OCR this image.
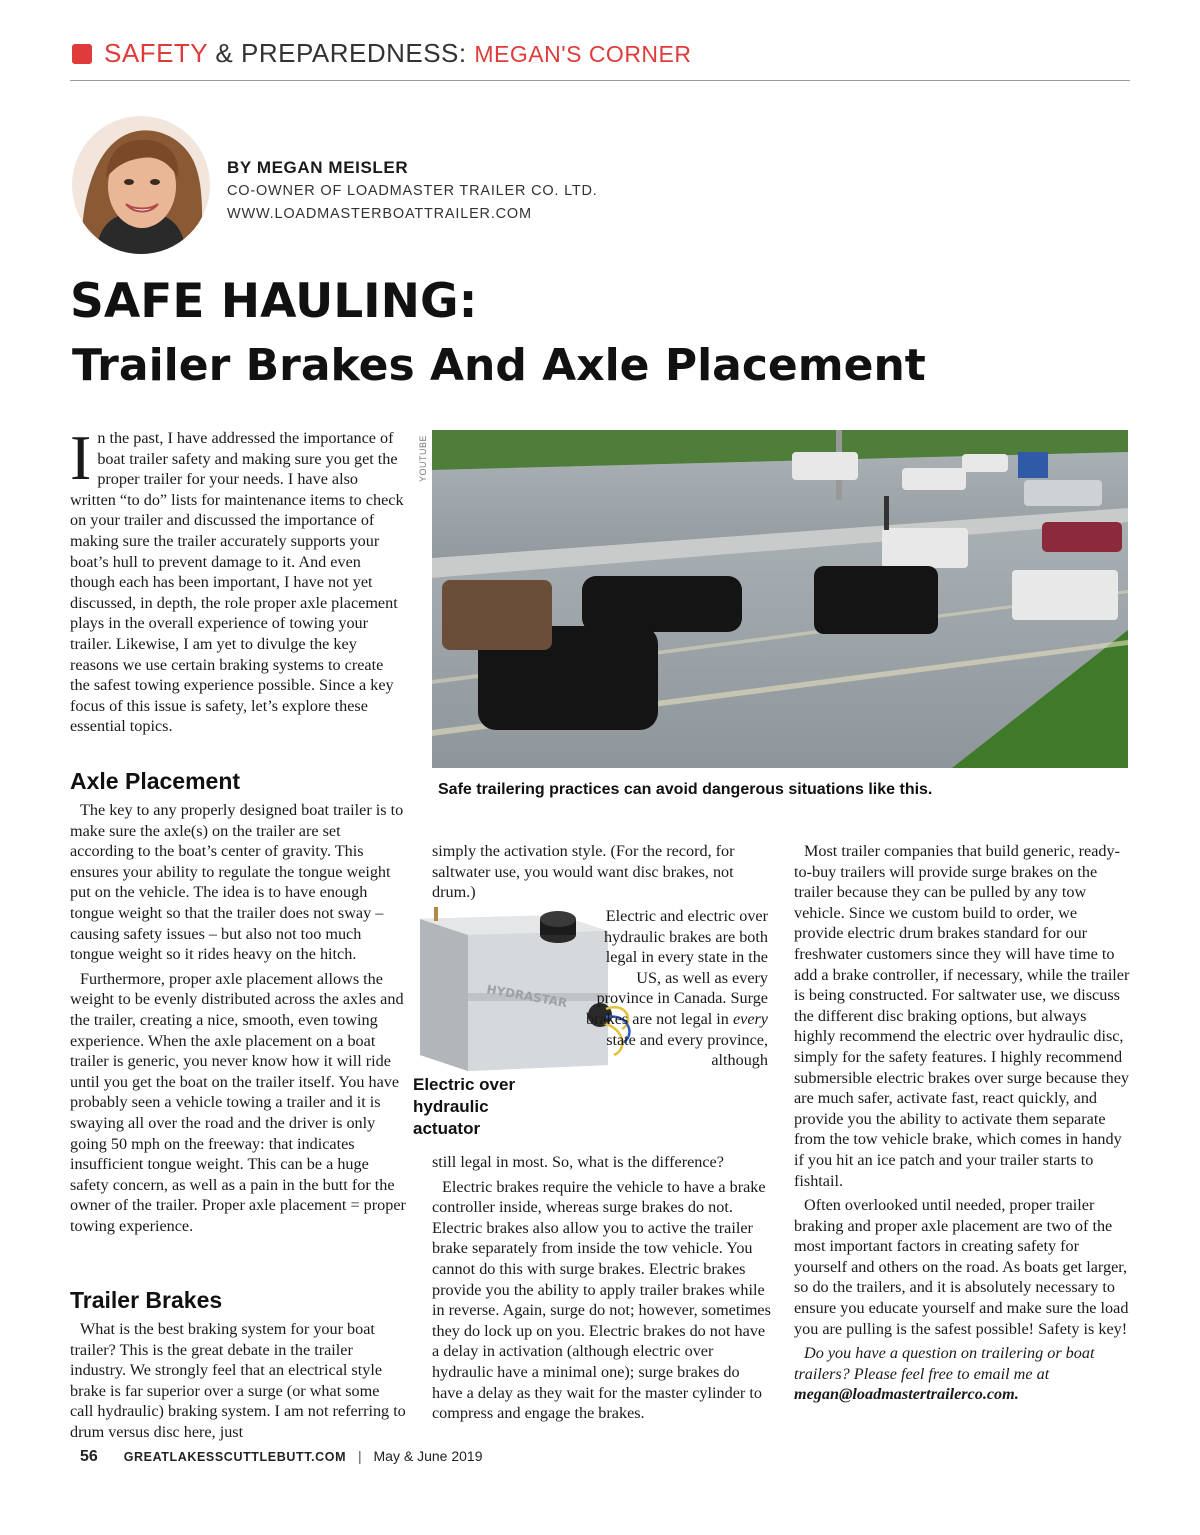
SAFETY & PREPAREDNESS: MEGAN'S CORNER
BY MEGAN MEISLER
CO-OWNER OF LOADMASTER TRAILER CO. LTD.
WWW.LOADMASTERBOATTRAILER.COM
SAFE HAULING:
Trailer Brakes And Axle Placement
I n the past, I have addressed the importance of boat trailer safety and making sure you get the proper trailer for your needs. I have also written “to do” lists for maintenance items to check on your trailer and discussed the importance of making sure the trailer accurately supports your boat’s hull to prevent damage to it. And even though each has been important, I have not yet discussed, in depth, the role proper axle placement plays in the overall experience of towing your trailer. Likewise, I am yet to divulge the key reasons we use certain braking systems to create the safest towing experience possible. Since a key focus of this issue is safety, let’s explore these essential topics.
Axle Placement

The key to any properly designed boat trailer is to make sure the axle(s) on the trailer are set according to the boat’s center of gravity. This ensures your ability to regulate the tongue weight put on the vehicle. The idea is to have enough tongue weight so that the trailer does not sway – causing safety issues – but also not too much tongue weight so it rides heavy on the hitch.

Furthermore, proper axle placement allows the weight to be evenly distributed across the axles and the trailer, creating a nice, smooth, even towing experience. When the axle placement on a boat trailer is generic, you never know how it will ride until you get the boat on the trailer itself. You have probably seen a vehicle towing a trailer and it is swaying all over the road and the driver is only going 50 mph on the freeway: that indicates insufficient tongue weight. This can be a huge safety concern, as well as a pain in the butt for the owner of the trailer. Proper axle placement = proper towing experience.

Trailer Brakes

What is the best braking system for your boat trailer? This is the great debate in the trailer industry. We strongly feel that an electrical style brake is far superior over a surge (or what some call hydraulic) braking system. I am not referring to drum versus disc here, just

YOUTUBE
Safe trailering practices can avoid dangerous situations like this.

simply the activation style. (For the record, for saltwater use, you would want disc brakes, not drum.)

HYDRASTAR
Electric over hydraulic actuator
Electric and electric over hydraulic brakes are both legal in every state in the US, as well as every province in Canada. Surge brakes are not legal in every state and every province, although

still legal in most. So, what is the difference?

Electric brakes require the vehicle to have a brake controller inside, whereas surge brakes do not. Electric brakes also allow you to active the trailer brake separately from inside the tow vehicle. You cannot do this with surge brakes. Electric brakes provide you the ability to apply trailer brakes while in reverse. Again, surge do not; however, sometimes they do lock up on you. Electric brakes do not have a delay in activation (although electric over hydraulic have a minimal one); surge brakes do have a delay as they wait for the master cylinder to compress and engage the brakes.

Most trailer companies that build generic, ready-to-buy trailers will provide surge brakes on the trailer because they can be pulled by any tow vehicle. Since we custom build to order, we provide electric drum brakes standard for our freshwater customers since they will have time to add a brake controller, if necessary, while the trailer is being constructed. For saltwater use, we discuss the different disc braking options, but always highly recommend the electric over hydraulic disc, simply for the safety features. I highly recommend submersible electric brakes over surge because they are much safer, activate fast, react quickly, and provide you the ability to activate them separate from the tow vehicle brake, which comes in handy if you hit an ice patch and your trailer starts to fishtail.

Often overlooked until needed, proper trailer braking and proper axle placement are two of the most important factors in creating safety for yourself and others on the road. As boats get larger, so do the trailers, and it is absolutely necessary to ensure you educate yourself and make sure the load you are pulling is the safest possible! Safety is key!

Do you have a question on trailering or boat trailers? Please feel free to email me at megan@loadmastertrailerco.com.

56 GREATLAKESSCUTTLEBUTT.COM | May & June 2019
